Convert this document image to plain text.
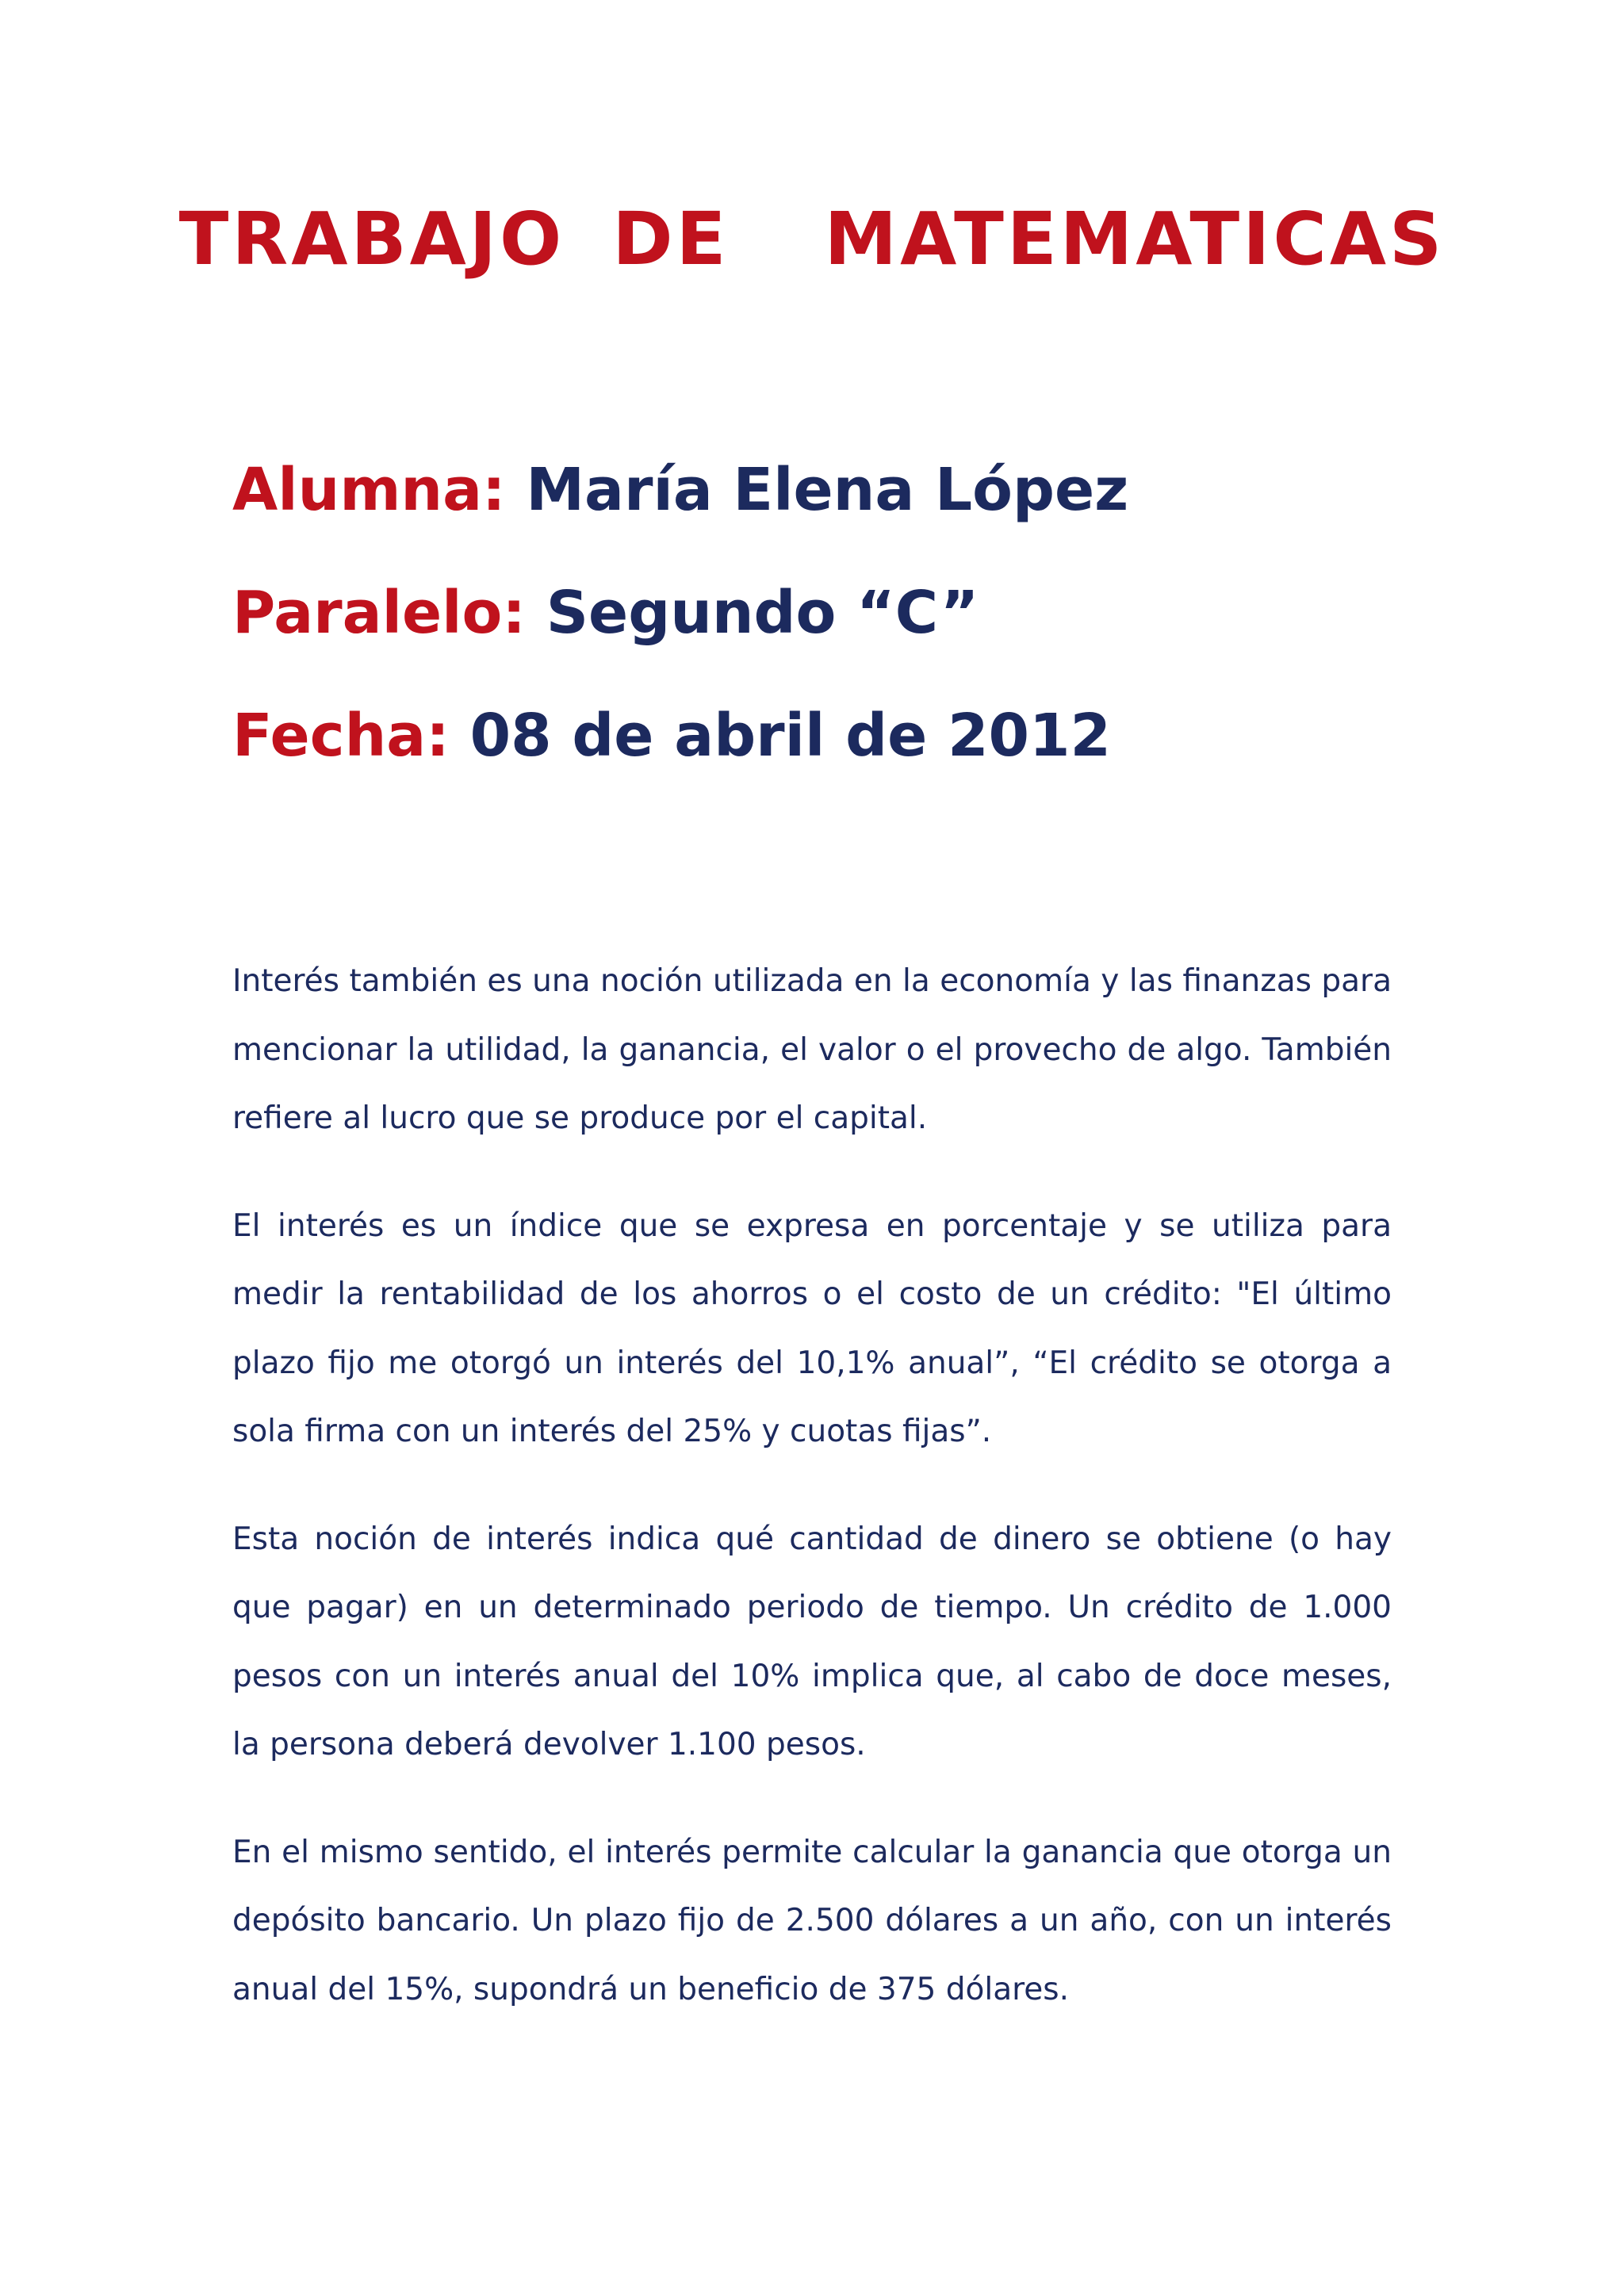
TRABAJO DE  MATEMATICAS
Alumna: María Elena López
Paralelo: Segundo “C”
Fecha: 08 de abril de 2012

Interés también es una noción utilizada en la economía y las finanzas para mencionar la utilidad, la ganancia, el valor o el provecho de algo. También refiere al lucro que se produce por el capital.

El interés es un índice que se expresa en porcentaje y se utiliza para medir la rentabilidad de los ahorros o el costo de un crédito: "El último plazo fijo me otorgó un interés del 10,1% anual”, “El crédito se otorga a sola firma con un interés del 25% y cuotas fijas”.

Esta noción de interés indica qué cantidad de dinero se obtiene (o hay que pagar) en un determinado periodo de tiempo. Un crédito de 1.000 pesos con un interés anual del 10% implica que, al cabo de doce meses, la persona deberá devolver 1.100 pesos.

En el mismo sentido, el interés permite calcular la ganancia que otorga un depósito bancario. Un plazo fijo de 2.500 dólares a un año, con un interés anual del 15%, supondrá un beneficio de 375 dólares.
